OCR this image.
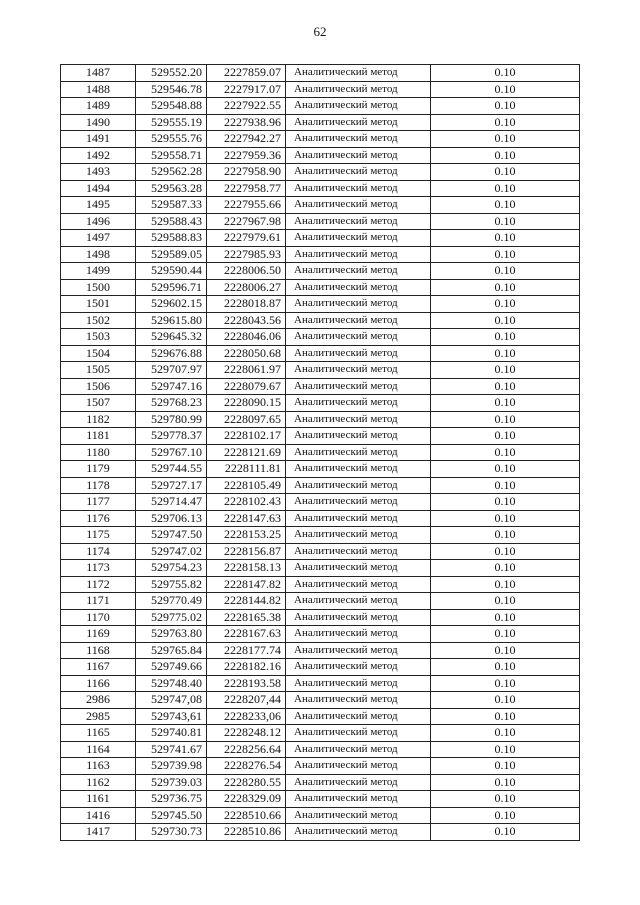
62
1487	529552.20	2227859.07	Аналитический метод	0.10
1488	529546.78	2227917.07	Аналитический метод	0.10
1489	529548.88	2227922.55	Аналитический метод	0.10
1490	529555.19	2227938.96	Аналитический метод	0.10
1491	529555.76	2227942.27	Аналитический метод	0.10
1492	529558.71	2227959.36	Аналитический метод	0.10
1493	529562.28	2227958.90	Аналитический метод	0.10
1494	529563.28	2227958.77	Аналитический метод	0.10
1495	529587.33	2227955.66	Аналитический метод	0.10
1496	529588.43	2227967.98	Аналитический метод	0.10
1497	529588.83	2227979.61	Аналитический метод	0.10
1498	529589.05	2227985.93	Аналитический метод	0.10
1499	529590.44	2228006.50	Аналитический метод	0.10
1500	529596.71	2228006.27	Аналитический метод	0.10
1501	529602.15	2228018.87	Аналитический метод	0.10
1502	529615.80	2228043.56	Аналитический метод	0.10
1503	529645.32	2228046.06	Аналитический метод	0.10
1504	529676.88	2228050.68	Аналитический метод	0.10
1505	529707.97	2228061.97	Аналитический метод	0.10
1506	529747.16	2228079.67	Аналитический метод	0.10
1507	529768.23	2228090.15	Аналитический метод	0.10
1182	529780.99	2228097.65	Аналитический метод	0.10
1181	529778.37	2228102.17	Аналитический метод	0.10
1180	529767.10	2228121.69	Аналитический метод	0.10
1179	529744.55	2228111.81	Аналитический метод	0.10
1178	529727.17	2228105.49	Аналитический метод	0.10
1177	529714.47	2228102.43	Аналитический метод	0.10
1176	529706.13	2228147.63	Аналитический метод	0.10
1175	529747.50	2228153.25	Аналитический метод	0.10
1174	529747.02	2228156.87	Аналитический метод	0.10
1173	529754.23	2228158.13	Аналитический метод	0.10
1172	529755.82	2228147.82	Аналитический метод	0.10
1171	529770.49	2228144.82	Аналитический метод	0.10
1170	529775.02	2228165.38	Аналитический метод	0.10
1169	529763.80	2228167.63	Аналитический метод	0.10
1168	529765.84	2228177.74	Аналитический метод	0.10
1167	529749.66	2228182.16	Аналитический метод	0.10
1166	529748.40	2228193.58	Аналитический метод	0.10
2986	529747,08	2228207,44	Аналитический метод	0.10
2985	529743,61	2228233,06	Аналитический метод	0.10
1165	529740.81	2228248.12	Аналитический метод	0.10
1164	529741.67	2228256.64	Аналитический метод	0.10
1163	529739.98	2228276.54	Аналитический метод	0.10
1162	529739.03	2228280.55	Аналитический метод	0.10
1161	529736.75	2228329.09	Аналитический метод	0.10
1416	529745.50	2228510.66	Аналитический метод	0.10
1417	529730.73	2228510.86	Аналитический метод	0.10
